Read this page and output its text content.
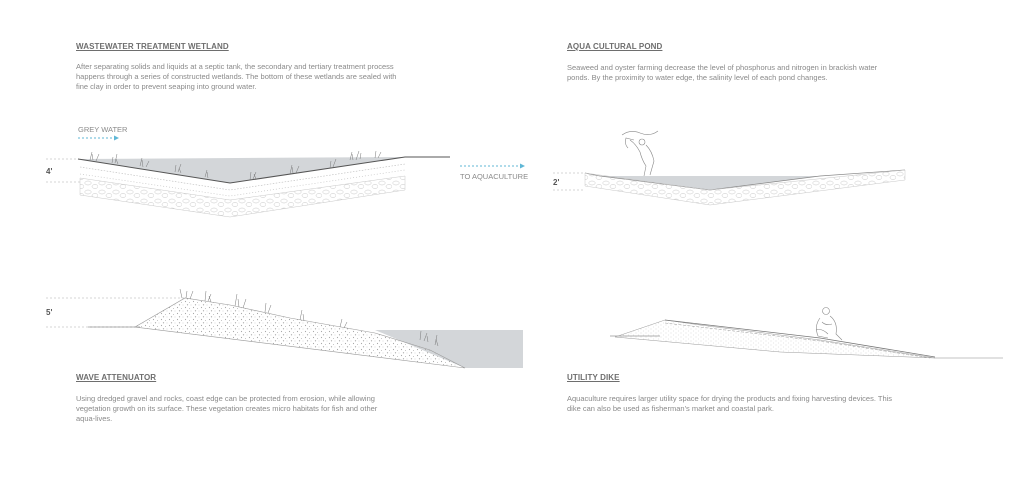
WASTEWATER TREATMENT WETLAND
After separating solids and liquids at a septic tank, the secondary and tertiary treatment process happens through a series of constructed wetlands. The bottom of these wetlands are sealed with fine clay in order to prevent seaping into ground water.
AQUA CULTURAL POND
Seaweed and oyster farming decrease the level of phosphorus and nitrogen in brackish water ponds. By the proximity to water edge, the salinity level of each pond changes.
WAVE ATTENUATOR
Using dredged gravel and rocks, coast edge can be protected from erosion, while allowing vegetation growth on its surface. These vegetation creates micro habitats for fish and other aqua-lives.
UTILITY DIKE
Aquaculture requires larger utility space for drying the products and fixing harvesting devices. This dike can also be used as fisherman's market and coastal park.
GREY WATER
TO AQUACULTURE
4'
2'
5'
